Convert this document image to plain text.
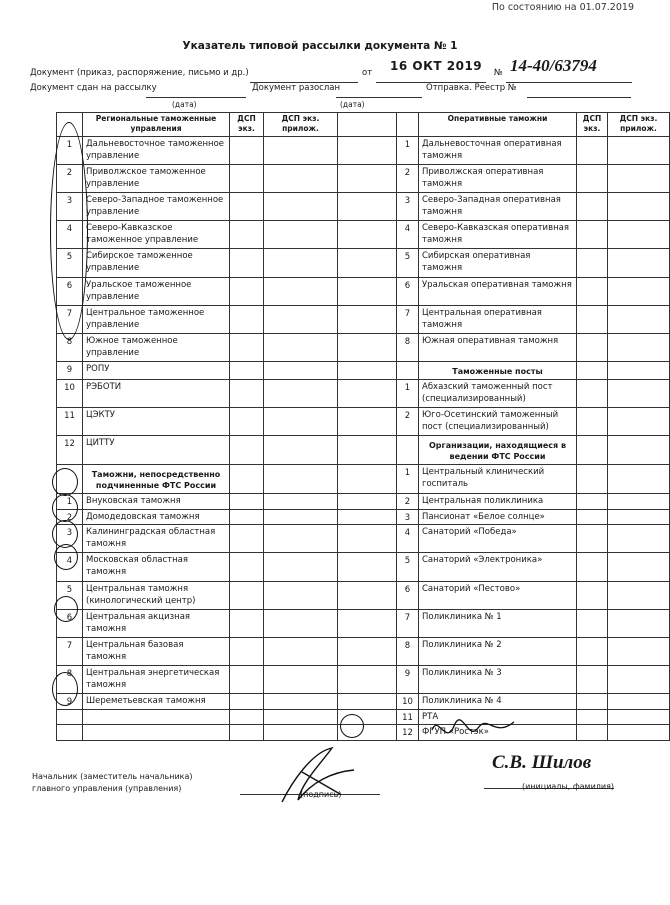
По состоянию на 01.07.2019
Указатель типовой рассылки документа № 1
Документ (приказ, распоряжение, письмо и др.)	от 16 ОКТ 2019 № 14-40/63794
Документ сдан на рассылку	Документ разослан	Отправка. Реестр №
(дата)	(дата)
	Региональные таможенные управления	ДСП экз.	ДСП экз. прилож.			Оперативные таможни	ДСП экз.	ДСП экз. прилож.
1	Дальневосточное таможенное управление				1	Дальневосточная оперативная таможня		
2	Приволжское таможенное управление				2	Приволжская оперативная таможня		
3	Северо-Западное таможенное управление				3	Северо-Западная оперативная таможня		
4	Северо-Кавказское таможенное управление				4	Северо-Кавказская оперативная таможня		
5	Сибирское таможенное управление				5	Сибирская оперативная таможня		
6	Уральское таможенное управление				6	Уральская оперативная таможня		
7	Центральное таможенное управление				7	Центральная оперативная таможня		
8	Южное таможенное управление				8	Южная оперативная таможня		
9	РОПУ					Таможенные посты		
10	РЭБОТИ				1	Абхазский таможенный пост (специализированный)		
11	ЦЭКТУ				2	Юго-Осетинский таможенный пост (специализированный)		
12	ЦИТТУ					Организации, находящиеся в ведении ФТС России		
	Таможни, непосредственно подчиненные ФТС России				1	Центральный клинический госпиталь		
1	Внуковская таможня				2	Центральная поликлиника		
2	Домодедовская таможня				3	Пансионат «Белое солнце»		
3	Калининградская областная таможня				4	Санаторий «Победа»		
4	Московская областная таможня				5	Санаторий «Электроника»		
5	Центральная таможня (кинологический центр)				6	Санаторий «Пестово»		
6	Центральная акцизная таможня				7	Поликлиника № 1		
7	Центральная базовая таможня				8	Поликлиника № 2		
8	Центральная энергетическая таможня				9	Поликлиника № 3		
9	Шереметьевская таможня				10	Поликлиника № 4		
					11	РТА		
					12	ФГУП «Ростэк»		
Начальник (заместитель начальника)
главного управления (управления)
(подпись)
С.В. Шилов
(инициалы, фамилия)
